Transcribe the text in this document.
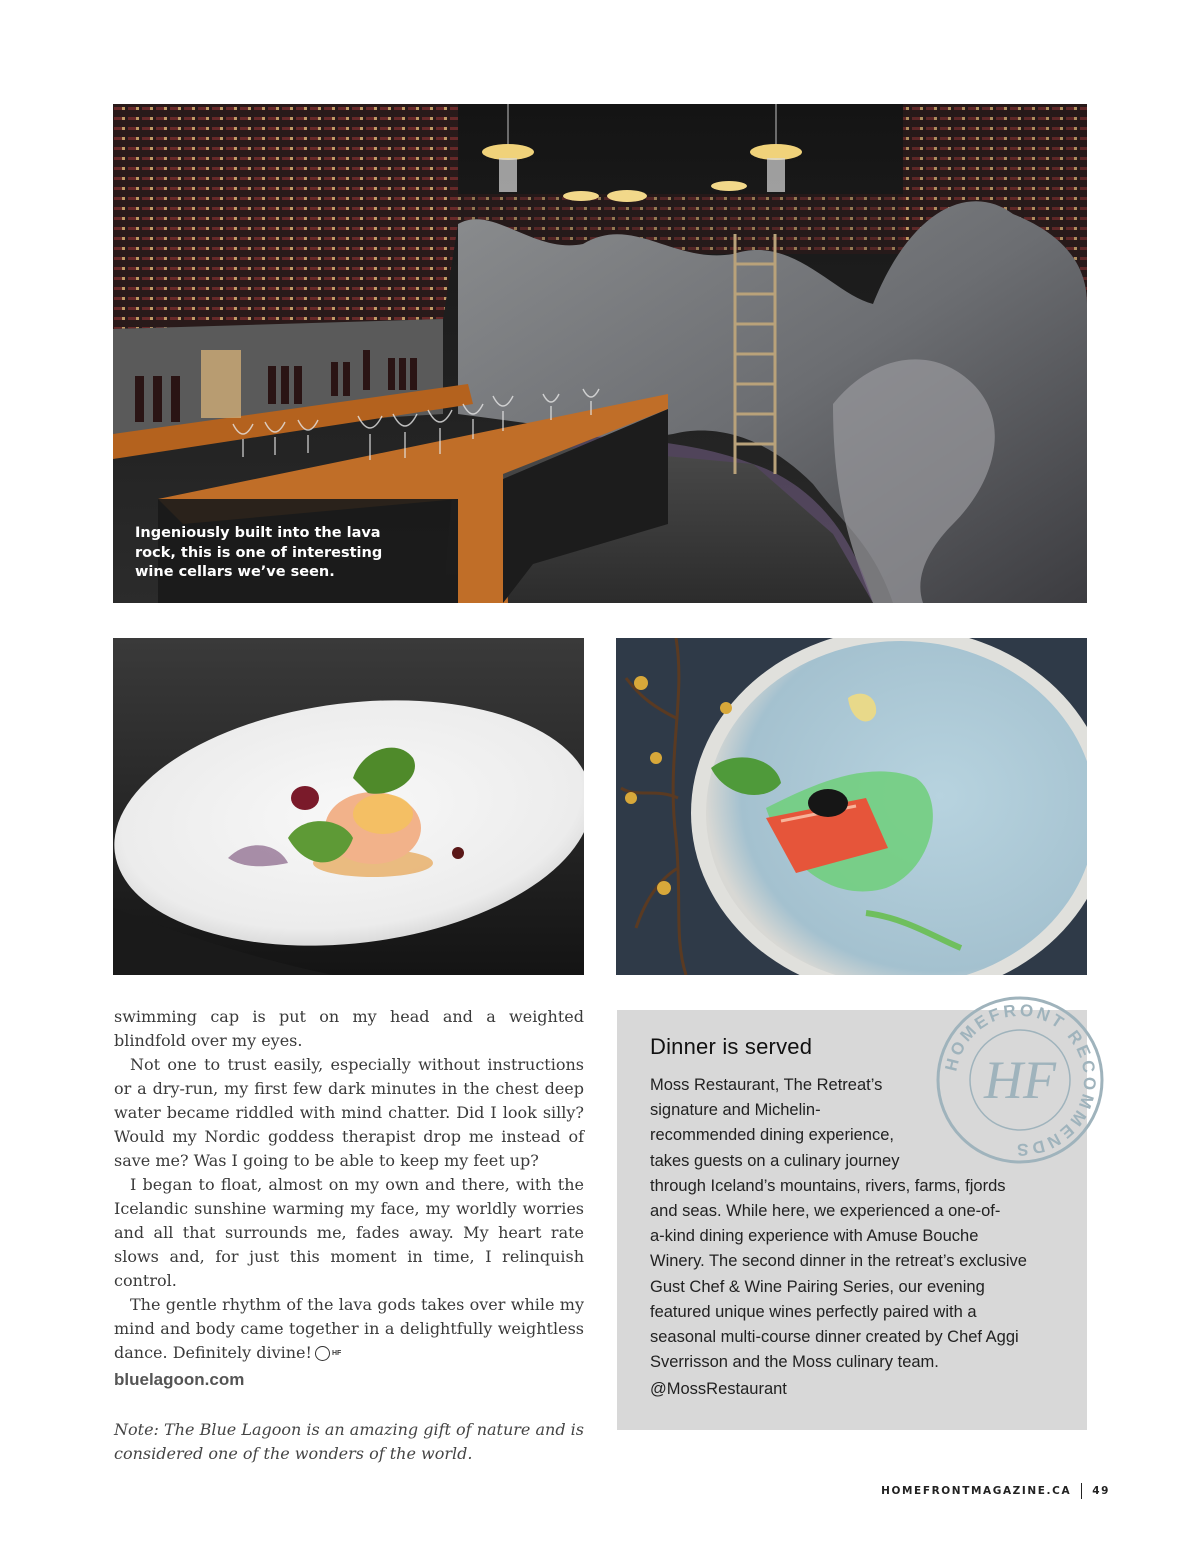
Ingeniously built into the lava
rock, this is one of interesting
wine cellars we’ve seen.

swimming cap is put on my head and a weighted blindfold over my eyes.

Not one to trust easily, especially without instructions or a dry-run, my first few dark minutes in the chest deep water became riddled with mind chatter. Did I look silly? Would my Nordic goddess therapist drop me instead of save me? Was I going to be able to keep my feet up?

I began to float, almost on my own and there, with the Icelandic sunshine warming my face, my worldly worries and all that surrounds me, fades away. My heart rate slows and, for just this moment in time, I relinquish control.

The gentle rhythm of the lava gods takes over while my mind and body came together in a delightfully weightless dance. Definitely divine!	HF

bluelagoon.com

Note: The Blue Lagoon is an amazing gift of nature and is considered one of the wonders of the world.

Dinner is served
Moss Restaurant, The Retreat’s
signature and Michelin-
recommended dining experience,
takes guests on a culinary journey
through Iceland’s mountains, rivers, farms, fjords
and seas. While here, we experienced a one-of-
a-kind dining experience with Amuse Bouche
Winery. The second dinner in the retreat’s exclusive
Gust Chef & Wine Pairing Series, our evening
featured unique wines perfectly paired with a
seasonal multi-course dinner created by Chef Aggi
Sverrisson and the Moss culinary team.
@MossRestaurant
HOMEFRONT RECOMMENDS
HF
HOMEFRONTMAGAZINE.CA 49
